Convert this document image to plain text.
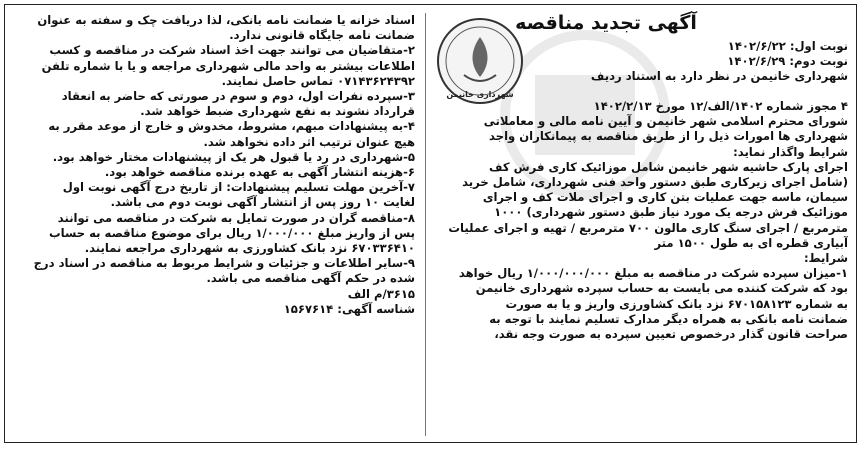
آگهی تجدید مناقصه
نوبت اول: ۱۴۰۲/۶/۲۲
نوبت دوم: ۱۴۰۲/۶/۲۹
شهرداری خانیمن در نظر دارد به استناد ردیف
شهرداری خانیمن
۴ مجوز شماره ۱۴۰۲/الف/۱۲ مورخ ۱۴۰۲/۲/۱۳
شورای محترم اسلامی شهر خانیمن و آیین نامه مالی و معاملاتی
شهرداری ها امورات ذیل را از طریق مناقصه به پیمانکاران واجد
شرایط واگذار نماید:
اجرای پارک حاشیه شهر خانیمن شامل موزائیک کاری فرش کف
(شامل اجرای زیرکاری طبق دستور واحد فنی شهرداری، شامل خرید
سیمان، ماسه جهت عملیات بتن کاری و اجرای ملات کف و اجرای
موزائیک فرش درجه یک مورد نیاز طبق دستور شهرداری) ۱۰۰۰
مترمربع / اجرای سنگ کاری مالون ۷۰۰ مترمربع / تهیه و اجرای عملیات
آبیاری قطره ای به طول ۱۵۰۰ متر
شرایط:
۱-میزان سپرده شرکت در مناقصه به مبلغ ۱/۰۰۰/۰۰۰/۰۰۰ ریال خواهد
بود که شرکت کننده می بایست به حساب سپرده شهرداری خانیمن
به شماره ۶۷۰۱۵۸۱۲۳ نزد بانک کشاورزی واریز و یا به صورت
ضمانت نامه بانکی به همراه دیگر مدارک تسلیم نمایند با توجه به
صراحت قانون گذار درخصوص تعیین سپرده به صورت وجه نقد،
اسناد خزانه یا ضمانت نامه بانکی، لذا دریافت چک و سفته به عنوان
ضمانت نامه جایگاه قانونی ندارد.
۲-متقاضیان می توانند جهت اخذ اسناد شرکت در مناقصه و کسب
اطلاعات بیشتر به واحد مالی شهرداری مراجعه و یا با شماره تلفن
۰۷۱۴۳۶۲۴۳۹۲ تماس حاصل نمایند.
۳-سپرده نفرات اول، دوم و سوم در صورتی که حاضر به انعقاد
قرارداد نشوند به نفع شهرداری ضبط خواهد شد.
۴-به پیشنهادات مبهم، مشروط، مخدوش و خارج از موعد مقرر به
هیچ عنوان ترتیب اثر داده نخواهد شد.
۵-شهرداری در رد یا قبول هر یک از پیشنهادات مختار خواهد بود.
۶-هزینه انتشار آگهی به عهده برنده مناقصه خواهد بود.
۷-آخرین مهلت تسلیم پیشنهادات: از تاریخ درج آگهی نوبت اول
لغایت ۱۰ روز پس از انتشار آگهی نوبت دوم می باشد.
۸-مناقصه گران در صورت تمایل به شرکت در مناقصه می توانند
پس از واریز مبلغ ۱/۰۰۰/۰۰۰ ریال برای موضوع مناقصه به حساب
۶۷۰۳۳۶۴۱۰ نزد بانک کشاورزی به شهرداری مراجعه نمایند.
۹-سایر اطلاعات و جزئیات و شرایط مربوط به مناقصه در اسناد درج
شده در حکم آگهی مناقصه می باشد.
۳۶۱۵/م الف
شناسه آگهی: ۱۵۶۷۶۱۴
